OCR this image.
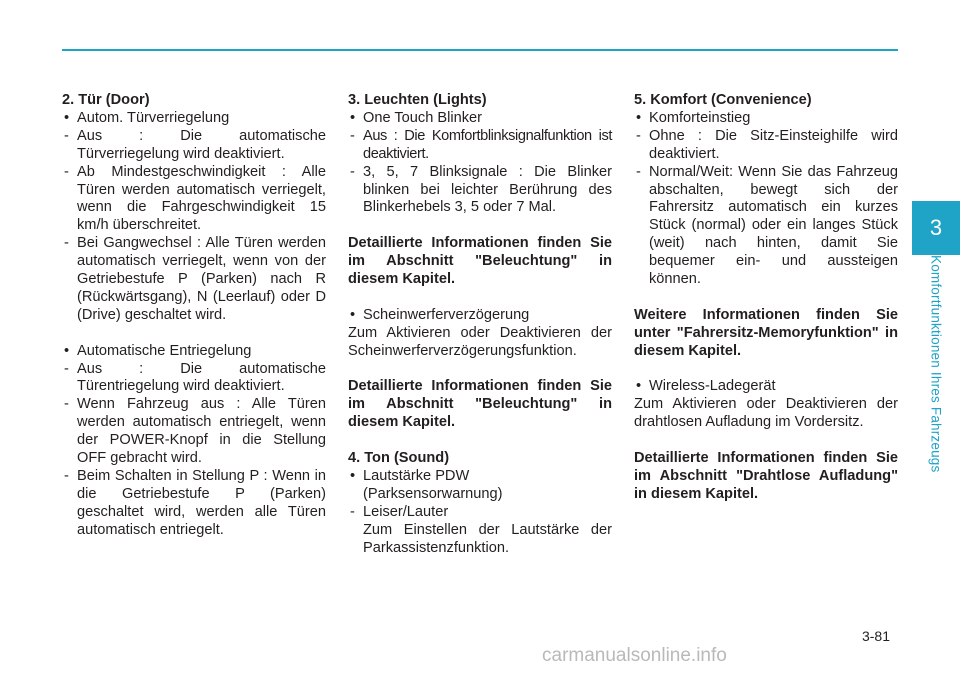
3
Komfortfunktionen Ihres Fahrzeugs
2. Tür (Door)
• Autom. Türverriegelung
- Aus : Die automatische Türverriegelung wird deaktiviert.
- Ab Mindestgeschwindigkeit : Alle Türen werden automatisch verriegelt, wenn die Fahrgeschwindigkeit 15 km/h überschreitet.
- Bei Gangwechsel : Alle Türen werden automatisch verriegelt, wenn von der Getriebestufe P (Parken) nach R (Rückwärtsgang), N (Leerlauf) oder D (Drive) geschaltet wird.
• Automatische Entriegelung
- Aus : Die automatische Türentriegelung wird deaktiviert.
- Wenn Fahrzeug aus : Alle Türen werden automatisch entriegelt, wenn der POWER-Knopf in die Stellung OFF gebracht wird.
- Beim Schalten in Stellung P : Wenn in die Getriebestufe P (Parken) geschaltet wird, werden alle Türen automatisch entriegelt.
3. Leuchten (Lights)
• One Touch Blinker
- Aus : Die Komfortblinksignalfunktion ist deaktiviert.
- 3, 5, 7 Blinksignale : Die Blinker blinken bei leichter Berührung des Blinkerhebels 3, 5 oder 7 Mal.
Detaillierte Informationen finden Sie im Abschnitt "Beleuchtung" in diesem Kapitel.
• Scheinwerferverzögerung
Zum Aktivieren oder Deaktivieren der Scheinwerferverzögerungsfunktion.
Detaillierte Informationen finden Sie im Abschnitt "Beleuchtung" in diesem Kapitel.
4. Ton (Sound)
• Lautstärke PDW (Parksensorwarnung)
- Leiser/Lauter
Zum Einstellen der Lautstärke der Parkassistenzfunktion.
5. Komfort (Convenience)
• Komforteinstieg
- Ohne : Die Sitz-Einsteighilfe wird deaktiviert.
- Normal/Weit: Wenn Sie das Fahrzeug abschalten, bewegt sich der Fahrersitz automatisch ein kurzes Stück (normal) oder ein langes Stück (weit) nach hinten, damit Sie bequemer ein- und aussteigen können.
Weitere Informationen finden Sie unter "Fahrersitz-Memoryfunktion" in diesem Kapitel.
• Wireless-Ladegerät
Zum Aktivieren oder Deaktivieren der drahtlosen Aufladung im Vordersitz.
Detaillierte Informationen finden Sie im Abschnitt "Drahtlose Aufladung" in diesem Kapitel.
3-81
carmanualsonline.info
